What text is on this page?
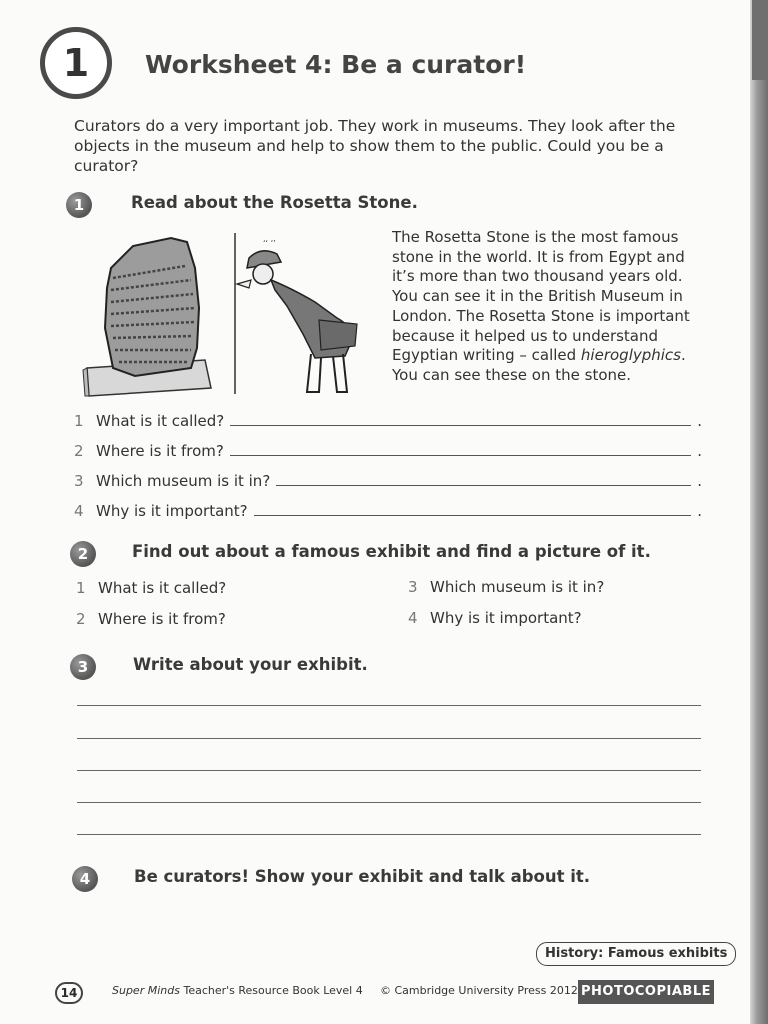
1 Worksheet 4: Be a curator!
Curators do a very important job. They work in museums. They look after the objects in the museum and help to show them to the public. Could you be a curator?
1	Read about the Rosetta Stone.
ʻʻ ʼʼ	The Rosetta Stone is the most famous stone in the world. It is from Egypt and it’s more than two thousand years old. You can see it in the British Museum in London. The Rosetta Stone is important because it helped us to understand Egyptian writing – called hieroglyphics. You can see these on the stone.
1 What is it called?	.
2 Where is it from?	.
3 Which museum is it in?	.
4 Why is it important?	.
2	Find out about a famous exhibit and find a picture of it.
1 What is it called?
2 Where is it from?
3 Which museum is it in?
4 Why is it important?
3	Write about your exhibit.
4	Be curators! Show your exhibit and talk about it.
History: Famous exhibits
14	Super Minds Teacher's Resource Book Level 4 © Cambridge University Press 2012 PHOTOCOPIABLE
